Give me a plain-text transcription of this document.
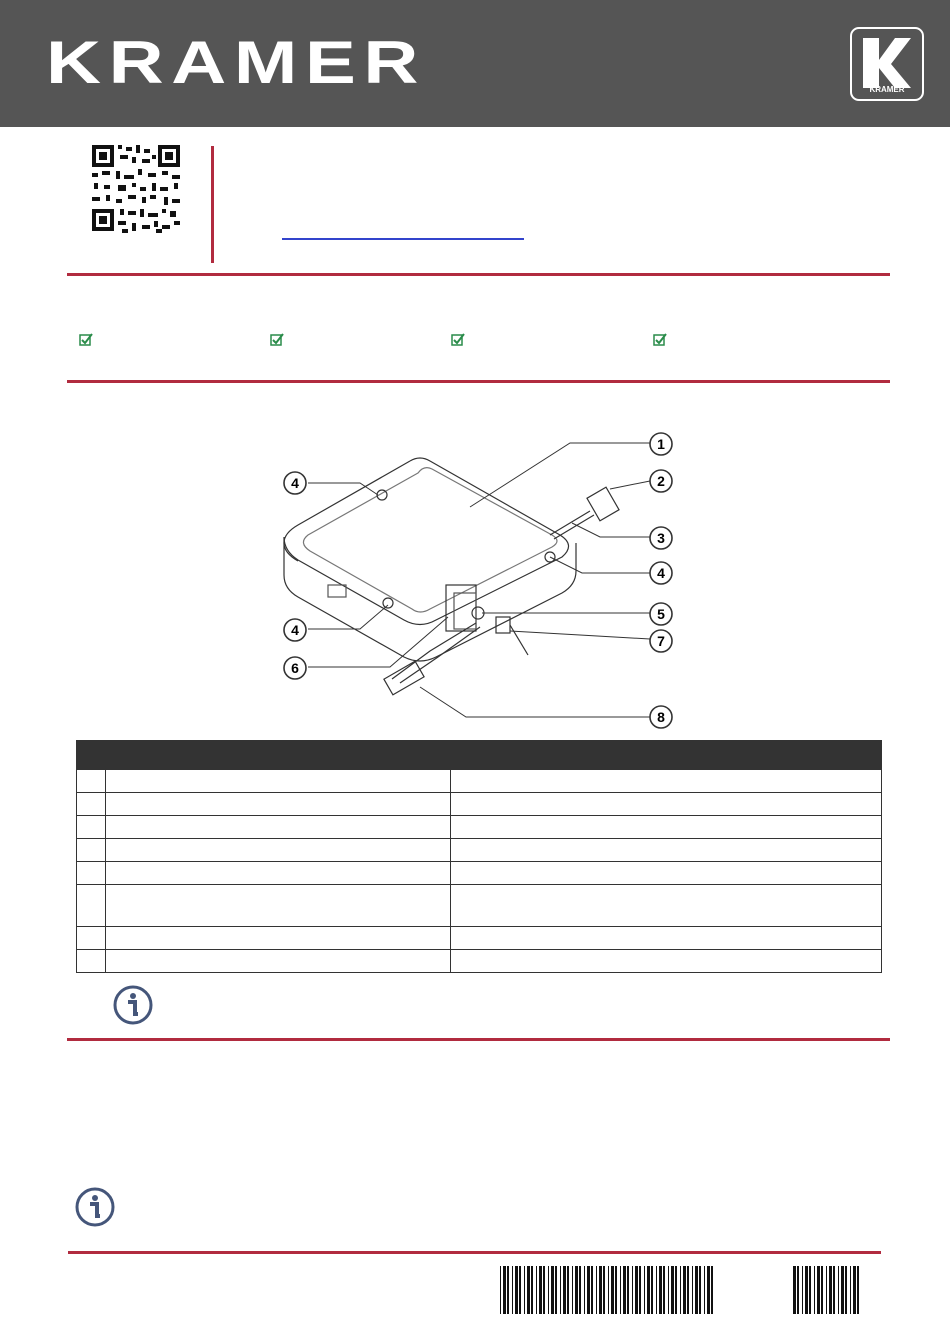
KRAMER	KRAMER
1
2
3
4
4
4
5
6
7
8
